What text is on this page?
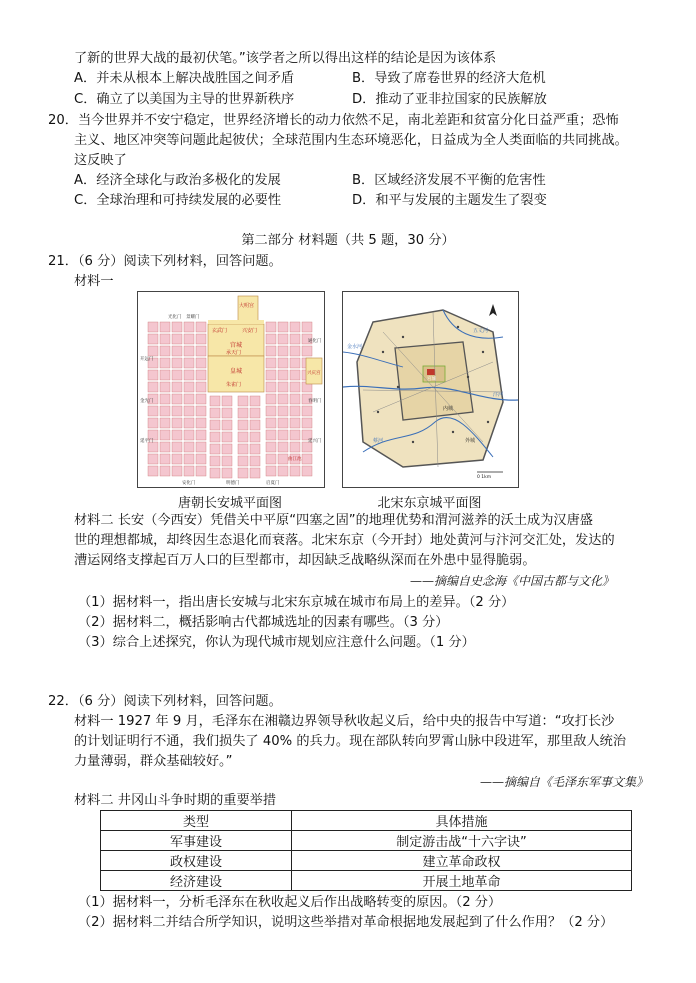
了新的世界大战的最初伏笔。”该学者之所以得出这样的结论是因为该体系
A．并未从根本上解决战胜国之间矛盾	B．导致了席卷世界的经济大危机
C．确立了以美国为主导的世界新秩序	D．推动了亚非拉国家的民族解放
20．当今世界并不安宁稳定，世界经济增长的动力依然不足，南北差距和贫富分化日益严重；恐怖
主义、地区冲突等问题此起彼伏；全球范围内生态环境恶化，日益成为全人类面临的共同挑战。
这反映了
A．经济全球化与政治多极化的发展	B．区域经济发展不平衡的危害性
C．全球治理和可持续发展的必要性	D．和平与发展的主题发生了裂变
第二部分 材料题（共 5 题，30 分）
21．（6 分）阅读下列材料，回答问题。
材料一
大明宫
玄武门	兴安门
宫城
承天门
皇城
朱雀门
兴庆宫
曲江池
开远门
金光门
延平门
通化门
春明门
延兴门
安化门	明德门	启夏门
光化门 景耀门
唐朝长安城平面图
宫城
内城
外城
汴河
蔡河
五丈河
金水河
0 1km
北宋东京城平面图
材料二 长安（今西安）凭借关中平原“四塞之固”的地理优势和渭河滋养的沃土成为汉唐盛
世的理想都城，却终因生态退化而衰落。北宋东京（今开封）地处黄河与汴河交汇处，发达的
漕运网络支撑起百万人口的巨型都市，却因缺乏战略纵深而在外患中显得脆弱。
——摘编自史念海《中国古都与文化》
（1）据材料一，指出唐长安城与北宋东京城在城市布局上的差异。（2 分）
（2）据材料二，概括影响古代都城选址的因素有哪些。（3 分）
（3）综合上述探究，你认为现代城市规划应注意什么问题。（1 分）
22．（6 分）阅读下列材料，回答问题。
材料一 1927 年 9 月，毛泽东在湘赣边界领导秋收起义后，给中央的报告中写道：“攻打长沙
的计划证明行不通，我们损失了 40% 的兵力。现在部队转向罗霄山脉中段进军，那里敌人统治
力量薄弱，群众基础较好。”
——摘编自《毛泽东军事文集》
材料二 井冈山斗争时期的重要举措
类型	具体措施
军事建设	制定游击战“十六字诀”
政权建设	建立革命政权
经济建设	开展土地革命
（1）据材料一，分析毛泽东在秋收起义后作出战略转变的原因。（2 分）
（2）据材料二并结合所学知识，说明这些举措对革命根据地发展起到了什么作用？（2 分）
